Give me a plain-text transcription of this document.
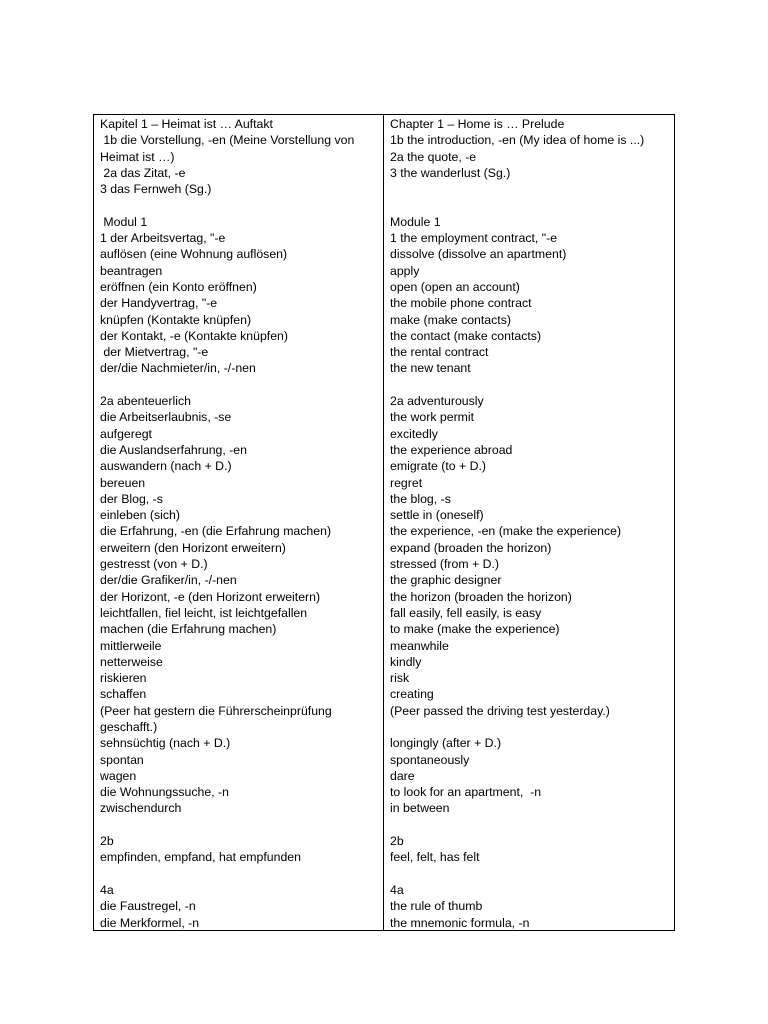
Kapitel 1 – Heimat ist … Auftakt
1b die Vorstellung, -en (Meine Vorstellung von
Heimat ist …)
2a das Zitat, -e
3 das Fernweh (Sg.)
Modul 1
1 der Arbeitsvertag, "-e
auflösen (eine Wohnung auflösen)
beantragen
eröffnen (ein Konto eröffnen)
der Handyvertrag, "-e
knüpfen (Kontakte knüpfen)
der Kontakt, -e (Kontakte knüpfen)
der Mietvertrag, "-e
der/die Nachmieter/in, -/-nen
2a abenteuerlich
die Arbeitserlaubnis, -se
aufgeregt
die Auslandserfahrung, -en
auswandern (nach + D.)
bereuen
der Blog, -s
einleben (sich)
die Erfahrung, -en (die Erfahrung machen)
erweitern (den Horizont erweitern)
gestresst (von + D.)
der/die Grafiker/in, -/-nen
der Horizont, -e (den Horizont erweitern)
leichtfallen, fiel leicht, ist leichtgefallen
machen (die Erfahrung machen)
mittlerweile
netterweise
riskieren
schaffen
(Peer hat gestern die Führerscheinprüfung
geschafft.)
sehnsüchtig (nach + D.)
spontan
wagen
die Wohnungssuche, -n
zwischendurch
2b
empfinden, empfand, hat empfunden
4a
die Faustregel, -n
die Merkformel, -n
Chapter 1 – Home is … Prelude
1b the introduction, -en (My idea of home is ...)
2a the quote, -e
3 the wanderlust (Sg.)
Module 1
1 the employment contract, "-e
dissolve (dissolve an apartment)
apply
open (open an account)
the mobile phone contract
make (make contacts)
the contact (make contacts)
the rental contract
the new tenant
2a adventurously
the work permit
excitedly
the experience abroad
emigrate (to + D.)
regret
the blog, -s
settle in (oneself)
the experience, -en (make the experience)
expand (broaden the horizon)
stressed (from + D.)
the graphic designer
the horizon (broaden the horizon)
fall easily, fell easily, is easy
to make (make the experience)
meanwhile
kindly
risk
creating
(Peer passed the driving test yesterday.)
longingly (after + D.)
spontaneously
dare
to look for an apartment,  -n
in between
2b
feel, felt, has felt
4a
the rule of thumb
the mnemonic formula, -n
